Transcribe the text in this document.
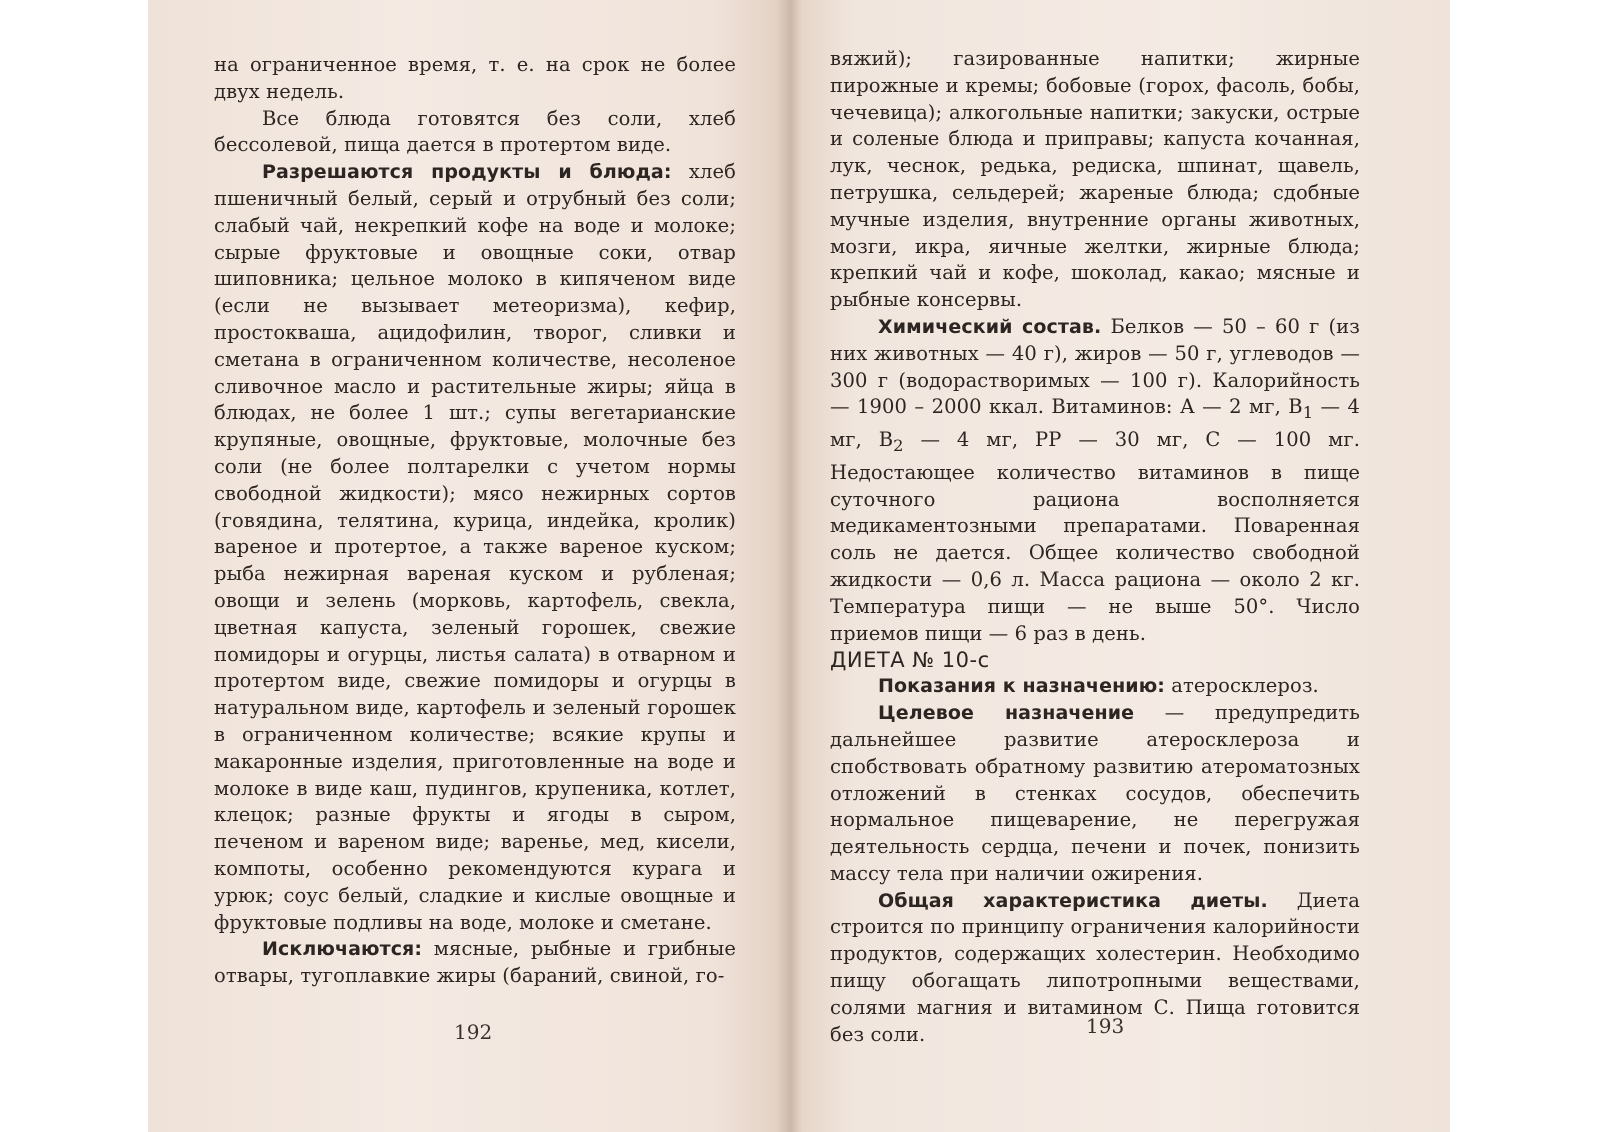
на ограниченное время, т. е. на срок не более двух недель.

Все блюда готовятся без соли, хлеб бессолевой, пища дается в протертом виде.

Разрешаются продукты и блюда: хлеб пшеничный белый, серый и отрубный без соли; слабый чай, некрепкий кофе на воде и молоке; сырые фруктовые и овощные соки, отвар шиповника; цельное молоко в кипяченом виде (если не вызывает метеоризма), кефир, простокваша, ацидофилин, творог, сливки и сметана в ограниченном количестве, несоленое сливочное масло и растительные жиры; яйца в блюдах, не более 1 шт.; супы вегетарианские крупяные, овощные, фруктовые, молочные без соли (не более полтарелки с учетом нормы свободной жидкости); мясо нежирных сортов (говядина, телятина, курица, индейка, кролик) вареное и протертое, а также вареное куском; рыба нежирная вареная куском и рубленая; овощи и зелень (морковь, картофель, свекла, цветная капуста, зеленый горошек, свежие помидоры и огурцы, листья салата) в отварном и протертом виде, свежие помидоры и огурцы в натуральном виде, картофель и зеленый горошек в ограниченном количестве; всякие крупы и макаронные изделия, приготовленные на воде и молоке в виде каш, пудингов, крупеника, котлет, клецок; разные фрукты и ягоды в сыром, печеном и вареном виде; варенье, мед, кисели, компоты, особенно рекомендуются курага и урюк; соус белый, сладкие и кислые овощные и фруктовые подливы на воде, молоке и сметане.

Исключаются: мясные, рыбные и грибные отвары, тугоплавкие жиры (бараний, свиной, го-

192

вяжий); газированные напитки; жирные пирожные и кремы; бобовые (горох, фасоль, бобы, чечевица); алкогольные напитки; закуски, острые и соленые блюда и приправы; капуста кочанная, лук, чеснок, редька, редиска, шпинат, щавель, петрушка, сельдерей; жареные блюда; сдобные мучные изделия, внутренние органы животных, мозги, икра, яичные желтки, жирные блюда; крепкий чай и кофе, шоколад, какао; мясные и рыбные консервы.

Химический состав. Белков — 50 – 60 г (из них животных — 40 г), жиров — 50 г, углеводов — 300 г (водорастворимых — 100 г). Калорийность — 1900 – 2000 ккал. Витаминов: А — 2 мг, $В_1$ — 4 мг, $В_2$ — 4 мг, РР — 30 мг, С — 100 мг. Недостающее количество витаминов в пище суточного рациона восполняется медикаментозными препаратами. Поваренная соль не дается. Общее количество свободной жидкости — 0,6 л. Масса рациона — около 2 кг. Температура пищи — не выше 50°. Число приемов пищи — 6 раз в день.

ДИЕТА № 10-с

Показания к назначению: атеросклероз.

Целевое назначение — предупредить дальнейшее развитие атеросклероза и спобствовать обратному развитию атероматозных отложений в стенках сосудов, обеспечить нормальное пищеварение, не перегружая деятельность сердца, печени и почек, понизить массу тела при наличии ожирения.

Общая характеристика диеты. Диета строится по принципу ограничения калорийности продуктов, содержащих холестерин. Необходимо пищу обогащать липотропными веществами, солями магния и витамином С. Пища готовится без соли.	193
